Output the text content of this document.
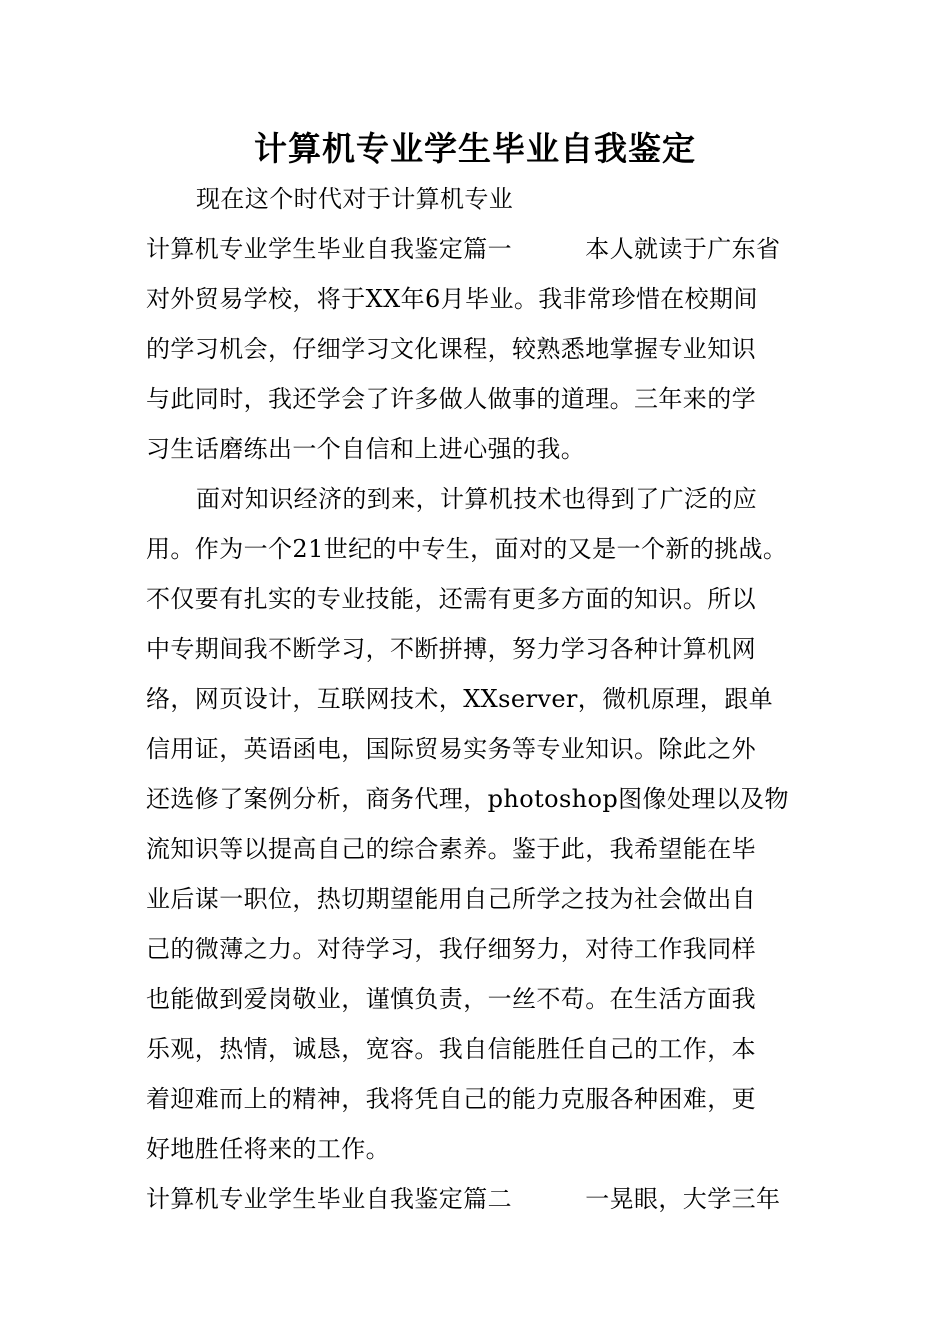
计算机专业学生毕业自我鉴定
现在这个时代对于计算机专业
计算机专业学生毕业自我鉴定篇一　　　本人就读于广东省
对外贸易学校，将于XX年6月毕业。我非常珍惜在校期间
的学习机会，仔细学习文化课程，较熟悉地掌握专业知识
与此同时，我还学会了许多做人做事的道理。三年来的学
习生话磨练出一个自信和上进心强的我。
面对知识经济的到来，计算机技术也得到了广泛的应
用。作为一个21世纪的中专生，面对的又是一个新的挑战。
不仅要有扎实的专业技能，还需有更多方面的知识。所以
中专期间我不断学习，不断拼搏，努力学习各种计算机网
络，网页设计，互联网技术，XXserver，微机原理，跟单
信用证，英语函电，国际贸易实务等专业知识。除此之外
还选修了案例分析，商务代理，photoshop图像处理以及物
流知识等以提高自己的综合素养。鉴于此，我希望能在毕
业后谋一职位，热切期望能用自己所学之技为社会做出自
己的微薄之力。对待学习，我仔细努力，对待工作我同样
也能做到爱岗敬业，谨慎负责，一丝不苟。在生活方面我
乐观，热情，诚恳，宽容。我自信能胜任自己的工作，本
着迎难而上的精神，我将凭自己的能力克服各种困难，更
好地胜任将来的工作。
计算机专业学生毕业自我鉴定篇二　　　一晃眼，大学三年
